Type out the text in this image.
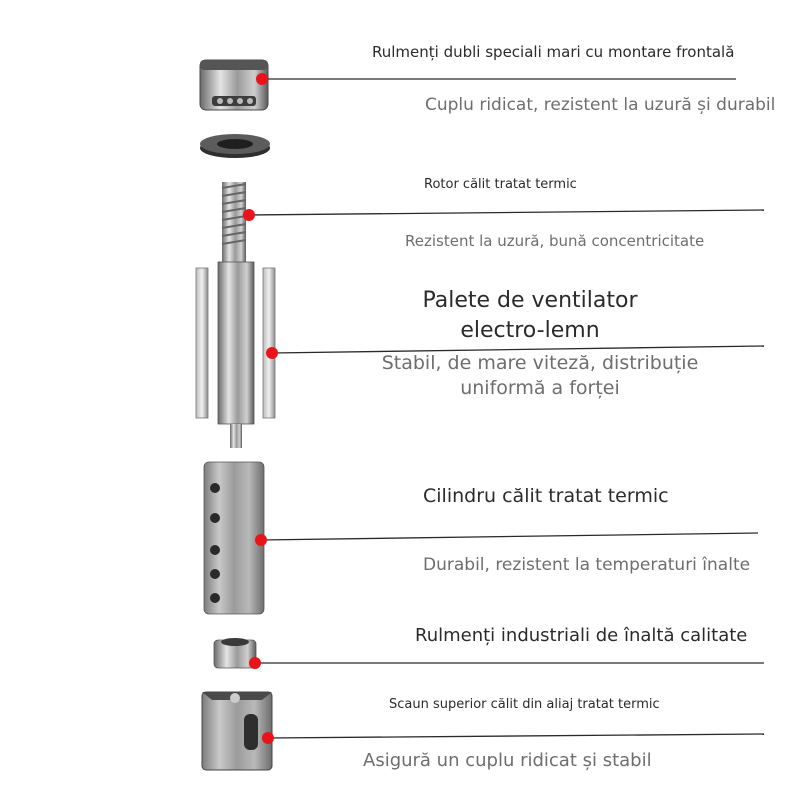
Rulmenți dubli speciali mari cu montare frontală
Cuplu ridicat, rezistent la uzură și durabil
Rotor călit tratat termic
Rezistent la uzură, bună concentricitate
Palete de ventilator electro-lemn
Stabil, de mare viteză, distribuție uniformă a forței
Cilindru călit tratat termic
Durabil, rezistent la temperaturi înalte
Rulmenți industriali de înaltă calitate
Scaun superior călit din aliaj tratat termic
Asigură un cuplu ridicat și stabil
